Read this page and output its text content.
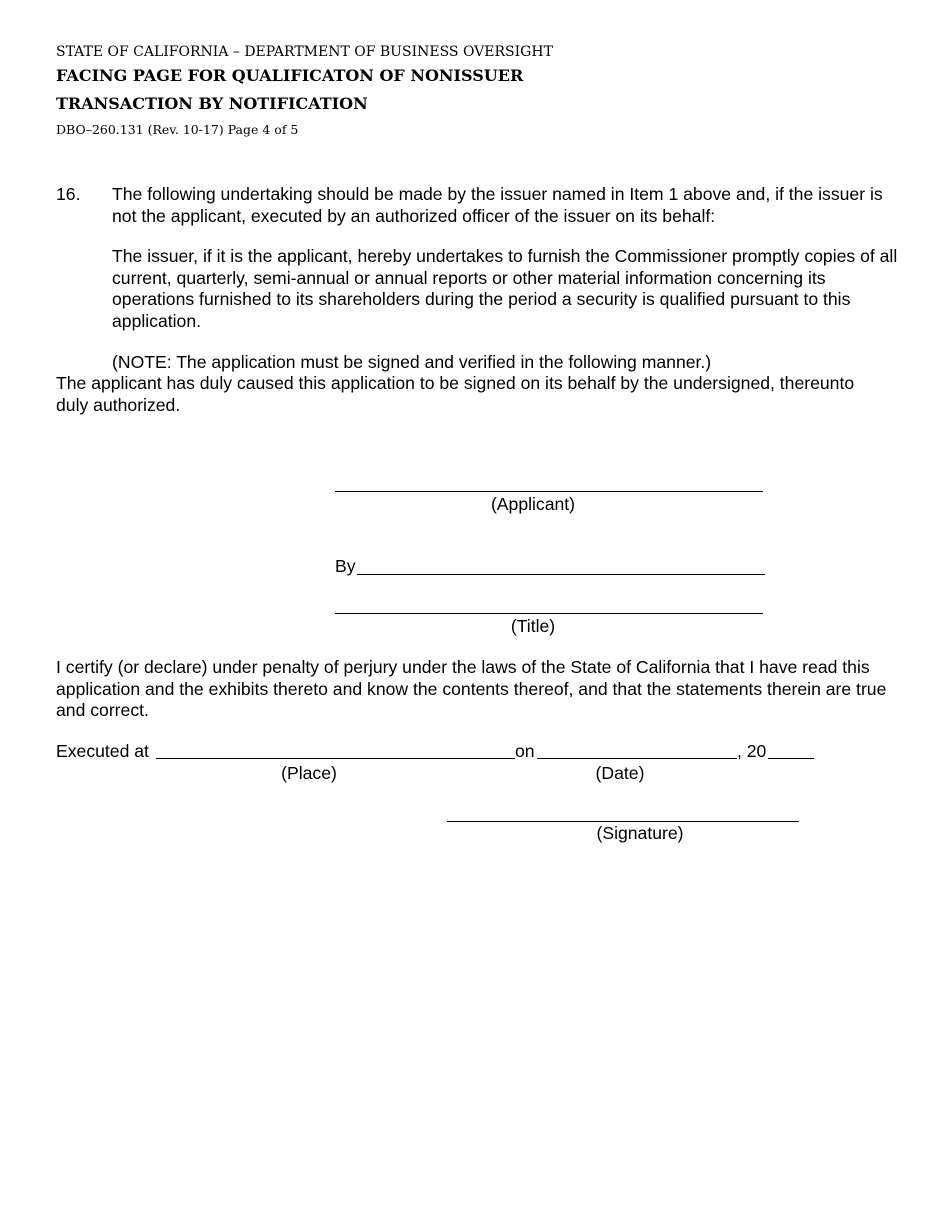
STATE OF CALIFORNIA – DEPARTMENT OF BUSINESS OVERSIGHT
FACING PAGE FOR QUALIFICATON OF NONISSUER
TRANSACTION BY NOTIFICATION
DBO–260.131 (Rev. 10-17) Page 4 of 5
16. The following undertaking should be made by the issuer named in Item 1 above and, if the issuer is not the applicant, executed by an authorized officer of the issuer on its behalf:
The issuer, if it is the applicant, hereby undertakes to furnish the Commissioner promptly copies of all current, quarterly, semi-annual or annual reports or other material information concerning its operations furnished to its shareholders during the period a security is qualified pursuant to this application.
(NOTE: The application must be signed and verified in the following manner.)
The applicant has duly caused this application to be signed on its behalf by the undersigned, thereunto duly authorized.
(Applicant)
By
(Title)
I certify (or declare) under penalty of perjury under the laws of the State of California that I have read this application and the exhibits thereto and know the contents thereof, and that the statements therein are true and correct.
Executed at	on	, 20
(Place)	(Date)
(Signature)
